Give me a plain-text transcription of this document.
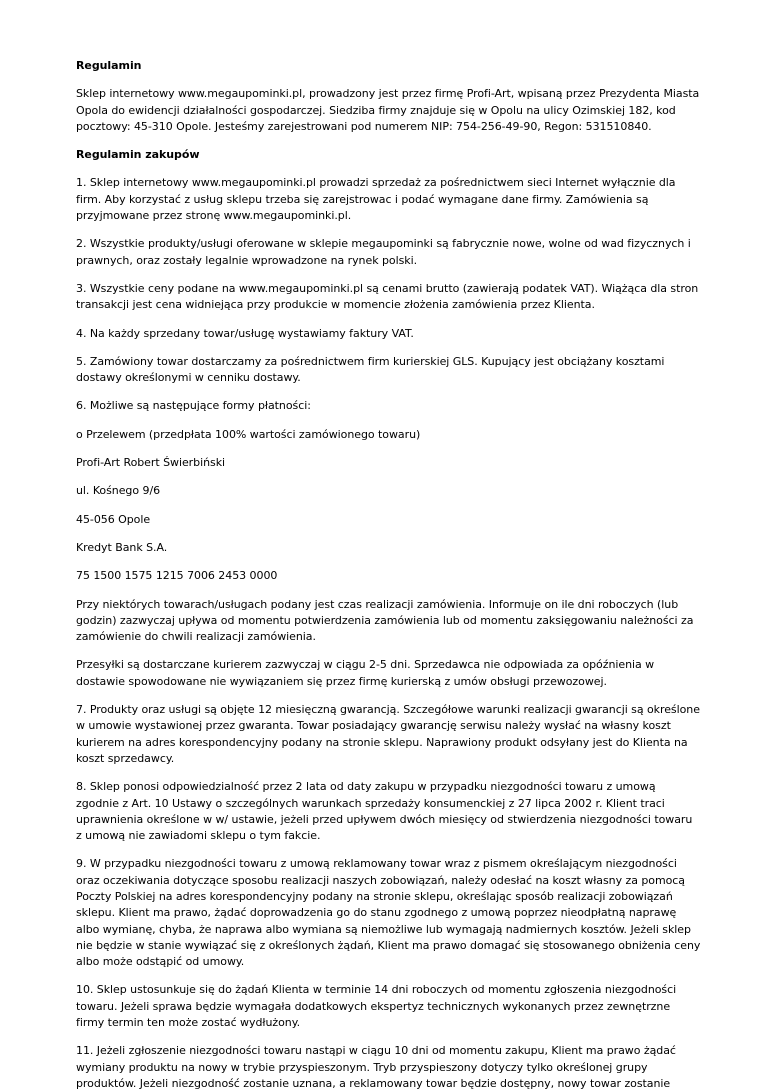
Regulamin

Sklep internetowy www.megaupominki.pl, prowadzony jest przez firmę Profi-Art, wpisaną przez Prezydenta Miasta Opola do ewidencji działalności gospodarczej. Siedziba firmy znajduje się w Opolu na ulicy Ozimskiej 182, kod pocztowy: 45-310 Opole. Jesteśmy zarejestrowani pod numerem NIP: 754-256-49-90, Regon: 531510840.

Regulamin zakupów

1. Sklep internetowy www.megaupominki.pl prowadzi sprzedaż za pośrednictwem sieci Internet wyłącznie dla firm. Aby korzystać z usług sklepu trzeba się zarejstrowac i podać wymagane dane firmy. Zamówienia są przyjmowane przez stronę www.megaupominki.pl.

2. Wszystkie produkty/usługi oferowane w sklepie megaupominki są fabrycznie nowe, wolne od wad fizycznych i prawnych, oraz zostały legalnie wprowadzone na rynek polski.

3. Wszystkie ceny podane na www.megaupominki.pl są cenami brutto (zawierają podatek VAT). Wiążąca dla stron transakcji jest cena widniejąca przy produkcie w momencie złożenia zamówienia przez Klienta.

4. Na każdy sprzedany towar/usługę wystawiamy faktury VAT.

5. Zamówiony towar dostarczamy za pośrednictwem firm kurierskiej GLS. Kupujący jest obciążany kosztami dostawy określonymi w cenniku dostawy.

6. Możliwe są następujące formy płatności:

o Przelewem (przedpłata 100% wartości zamówionego towaru)

Profi-Art Robert Świerbiński

ul. Kośnego 9/6

45-056 Opole

Kredyt Bank S.A.

75 1500 1575 1215 7006 2453 0000

Przy niektórych towarach/usługach podany jest czas realizacji zamówienia. Informuje on ile dni roboczych (lub godzin) zazwyczaj upływa od momentu potwierdzenia zamówienia lub od momentu zaksięgowaniu należności za zamówienie do chwili realizacji zamówienia.

Przesyłki są dostarczane kurierem zazwyczaj w ciągu 2-5 dni. Sprzedawca nie odpowiada za opóźnienia w dostawie spowodowane nie wywiązaniem się przez firmę kurierską z umów obsługi przewozowej.

7. Produkty oraz usługi są objęte 12 miesięczną gwarancją. Szczegółowe warunki realizacji gwarancji są określone w umowie wystawionej przez gwaranta. Towar posiadający gwarancję serwisu należy wysłać na własny koszt kurierem na adres korespondencyjny podany na stronie sklepu. Naprawiony produkt odsyłany jest do Klienta na koszt sprzedawcy.

8. Sklep ponosi odpowiedzialność przez 2 lata od daty zakupu w przypadku niezgodności towaru z umową zgodnie z Art. 10 Ustawy o szczególnych warunkach sprzedaży konsumenckiej z 27 lipca 2002 r. Klient traci uprawnienia określone w w/ ustawie, jeżeli przed upływem dwóch miesięcy od stwierdzenia niezgodności towaru z umową nie zawiadomi sklepu o tym fakcie.

9. W przypadku niezgodności towaru z umową reklamowany towar wraz z pismem określającym niezgodności oraz oczekiwania dotyczące sposobu realizacji naszych zobowiązań, należy odesłać na koszt własny za pomocą Poczty Polskiej na adres korespondencyjny podany na stronie sklepu, określając sposób realizacji zobowiązań sklepu. Klient ma prawo, żądać doprowadzenia go do stanu zgodnego z umową poprzez nieodpłatną naprawę albo wymianę, chyba, że naprawa albo wymiana są niemożliwe lub wymagają nadmiernych kosztów. Jeżeli sklep nie będzie w stanie wywiązać się z określonych żądań, Klient ma prawo domagać się stosowanego obniżenia ceny albo może odstąpić od umowy.

10. Sklep ustosunkuje się do żądań Klienta w terminie 14 dni roboczych od momentu zgłoszenia niezgodności towaru. Jeżeli sprawa będzie wymagała dodatkowych ekspertyz technicznych wykonanych przez zewnętrzne firmy termin ten może zostać wydłużony.

11. Jeżeli zgłoszenie niezgodności towaru nastąpi w ciągu 10 dni od momentu zakupu, Klient ma prawo żądać wymiany produktu na nowy w trybie przyspieszonym. Tryb przyspieszony dotyczy tylko określonej grupy produktów. Jeżeli niezgodność zostanie uznana, a reklamowany towar będzie dostępny, nowy towar zostanie
